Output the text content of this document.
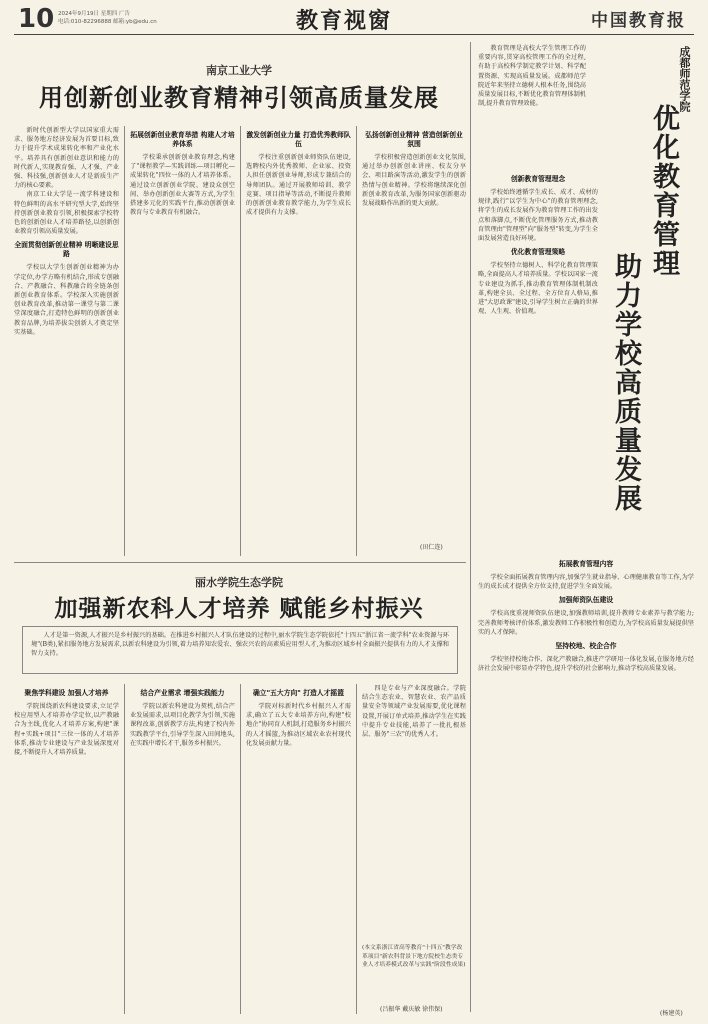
10 2024年9月19日 星期四 广告
电话:010-82296888 邮箱:yb@edu.cn	教育视窗	中国教育报
南京工业大学
用创新创业教育精神引领高质量发展

新时代创新型大学以国家重大需求、服务地方经济发展为首要目标,致力于提升学术成果转化率和产业化水平。培养具有创新创业意识和能力的时代新人,实现教育强、人才强、产业强、科技强,创新创业人才是新质生产力的核心要素。

南京工业大学是一流学科建设和特色鲜明的高水平研究型大学,始终坚持创新创业教育引领,积极探索学校特色的创新创业人才培养路径,以创新创业教育引领高质量发展。

全面贯彻创新创业精神 明晰建设思路

学校以大学生创新创业精神为办学定位,办学方略有机结合,形成专创融合、产教融合、科教融合的全链条创新创业教育体系。学校深入实施创新创业教育改革,推动第一课堂与第二课堂深度融合,打造特色鲜明的创新创业教育品牌,为培养拔尖创新人才奠定坚实基础。

拓展创新创业教育举措 构建人才培养体系

学校秉承创新创业教育理念,构建了"课程教学—实践训练—项目孵化—成果转化"四位一体的人才培养体系。通过设立创新创业学院、建设众创空间、举办创新创业大赛等方式,为学生搭建多元化的实践平台,推动创新创业教育与专业教育有机融合。

激发创新创业力量 打造优秀教师队伍

学校注重创新创业师资队伍建设,选聘校内外优秀教师、企业家、投资人担任创新创业导师,形成专兼结合的导师团队。通过开展教师培训、教学竞赛、项目指导等活动,不断提升教师的创新创业教育教学能力,为学生成长成才提供有力支撑。

弘扬创新创业精神 营造创新创业氛围

学校积极营造创新创业文化氛围,通过举办创新创业讲座、校友分享会、项目路演等活动,激发学生的创新热情与创业精神。学校将继续深化创新创业教育改革,为服务国家创新驱动发展战略作出新的更大贡献。

(田仁连)
丽水学院生态学院
加强新农科人才培养 赋能乡村振兴

人才是第一资源,人才振兴是乡村振兴的基础。在推进乡村振兴人才队伍建设的过程中,丽水学院生态学院依托"十四五"浙江省一流学科"农业资源与环境"(B类),紧扣服务地方发展需求,以新农科建设为引领,着力培养知农爱农、强农兴农的高素质应用型人才,为推动区域乡村全面振兴提供有力的人才支撑和智力支持。

聚焦学科建设 加强人才培养

学院围绕新农科建设要求,立足学校应用型人才培养办学定位,以产教融合为主线,优化人才培养方案,构建"课程+实践+项目"三位一体的人才培养体系,推动专业建设与产业发展深度对接,不断提升人才培养质量。

结合产业需求 增强实践能力

学院以新农科建设为契机,结合产业发展需求,以项目化教学为引领,实施课程改革,创新教学方法,构建了校内外实践教学平台,引导学生深入田间地头,在实践中增长才干,服务乡村振兴。

确立"五大方向" 打造人才摇篮

学院对标新时代乡村振兴人才需求,确立了五大专业培养方向,构建"校地企"协同育人机制,打造服务乡村振兴的人才摇篮,为推动区域农业农村现代化发展贡献力量。

四是专业与产业深度融合。学院结合生态农业、智慧农业、农产品质量安全等领域产业发展需要,优化课程设置,开展订单式培养,推动学生在实践中提升专业技能,培养了一批扎根基层、服务"三农"的优秀人才。

(本文系浙江省高等教育"十四五"教学改革项目"新农科背景下地方院校生态类专业人才培养模式改革与实践"阶段性成果)
(吕振华 戴庆敏 徐伟保)

教育管理是高校大学生管理工作的重要内容,贯穿高校管理工作的全过程,有助于高校科学制定教学计划、科学配置资源、实现高质量发展。成都师范学院近年来坚持立德树人根本任务,围绕高质量发展目标,不断优化教育管理体制机制,提升教育管理效能。	成都师范学院
优化教育管理
助力学校高质量发展
创新教育管理理念

学校始终遵循学生成长、成才、成材的规律,践行"以学生为中心"的教育管理理念,将学生的成长发展作为教育管理工作的出发点和落脚点,不断优化管理服务方式,推动教育管理由"管理型"向"服务型"转变,为学生全面发展营造良好环境。

优化教育管理策略

学校坚持立德树人、科学化教育管理策略,全面提高人才培养质量。学校以国家一流专业建设为抓手,推动教育管理体制机制改革,构建全员、全过程、全方位育人格局,推进"大思政课"建设,引导学生树立正确的世界观、人生观、价值观。

拓展教育管理内容

学校全面拓展教育管理内容,加强学生就业指导、心理健康教育等工作,为学生的成长成才提供全方位支持,促进学生全面发展。

加强师资队伍建设

学校高度重视师资队伍建设,加强教师培训,提升教师专业素养与教学能力;完善教师考核评价体系,激发教师工作积极性和创造力,为学校高质量发展提供坚实的人才保障。

坚持校地、校企合作

学校坚持校地合作、深化产教融合,推进产学研用一体化发展,在服务地方经济社会发展中彰显办学特色,提升学校的社会影响力,推动学校高质量发展。

(杨建英)
